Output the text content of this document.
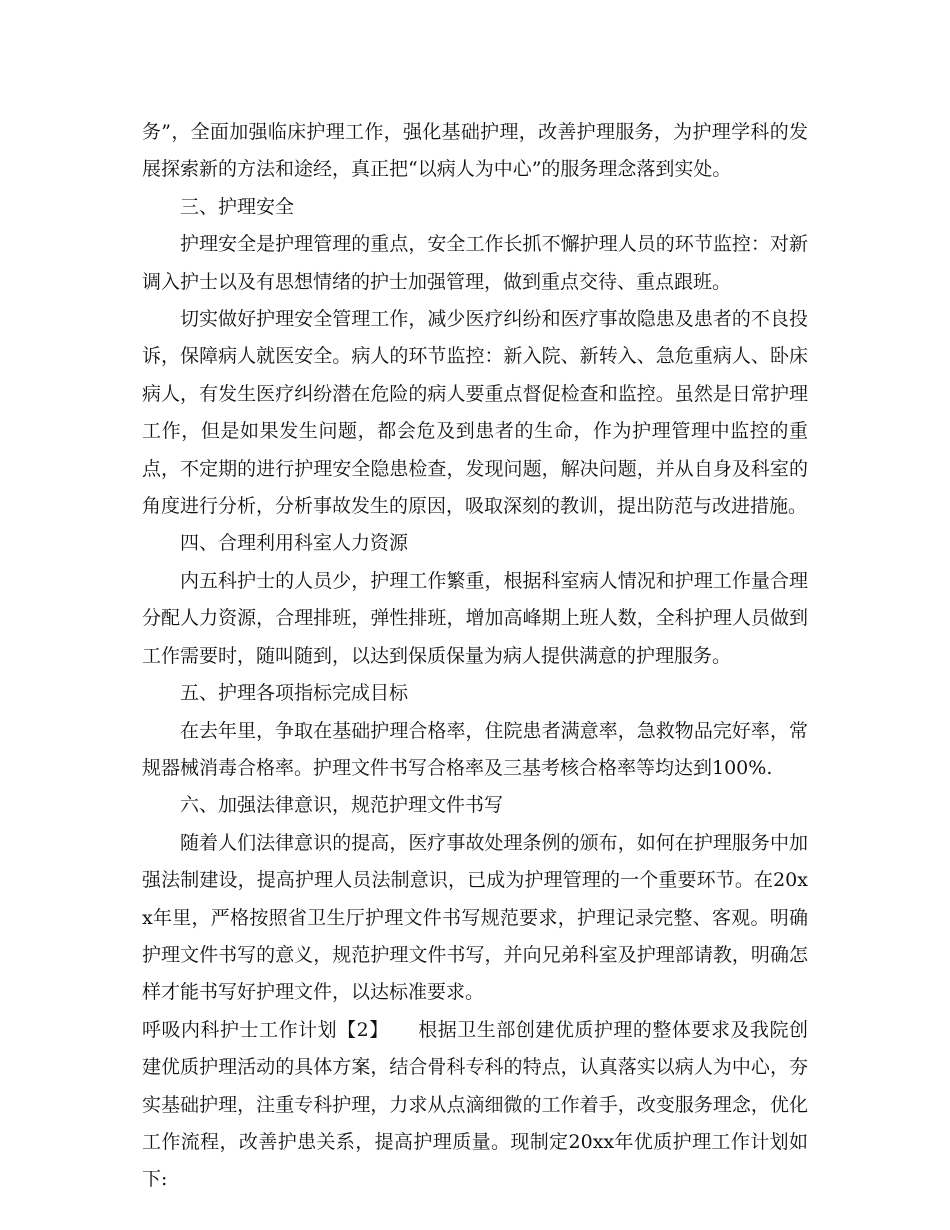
务”，全面加强临床护理工作，强化基础护理，改善护理服务，为护理学科的发展探索新的方法和途经，真正把“以病人为中心”的服务理念落到实处。

三、护理安全

护理安全是护理管理的重点，安全工作长抓不懈护理人员的环节监控：对新调入护士以及有思想情绪的护士加强管理，做到重点交待、重点跟班。

切实做好护理安全管理工作，减少医疗纠纷和医疗事故隐患及患者的不良投诉，保障病人就医安全。病人的环节监控：新入院、新转入、急危重病人、卧床病人，有发生医疗纠纷潜在危险的病人要重点督促检查和监控。虽然是日常护理工作，但是如果发生问题，都会危及到患者的生命，作为护理管理中监控的重点，不定期的进行护理安全隐患检查，发现问题，解决问题，并从自身及科室的角度进行分析，分析事故发生的原因，吸取深刻的教训，提出防范与改进措施。

四、合理利用科室人力资源

内五科护士的人员少，护理工作繁重，根据科室病人情况和护理工作量合理分配人力资源，合理排班，弹性排班，增加高峰期上班人数，全科护理人员做到工作需要时，随叫随到，以达到保质保量为病人提供满意的护理服务。

五、护理各项指标完成目标

在去年里，争取在基础护理合格率，住院患者满意率，急救物品完好率，常规器械消毒合格率。护理文件书写合格率及三基考核合格率等均达到100%.

六、加强法律意识，规范护理文件书写

随着人们法律意识的提高，医疗事故处理条例的颁布，如何在护理服务中加强法制建设，提高护理人员法制意识，已成为护理管理的一个重要环节。在20xx年里，严格按照省卫生厅护理文件书写规范要求，护理记录完整、客观。明确护理文件书写的意义，规范护理文件书写，并向兄弟科室及护理部请教，明确怎样才能书写好护理文件，以达标准要求。

呼吸内科护士工作计划【2】　　根据卫生部创建优质护理的整体要求及我院创建优质护理活动的具体方案，结合骨科专科的特点，认真落实以病人为中心，夯实基础护理，注重专科护理，力求从点滴细微的工作着手，改变服务理念，优化工作流程，改善护患关系，提高护理质量。现制定20xx年优质护理工作计划如下:
